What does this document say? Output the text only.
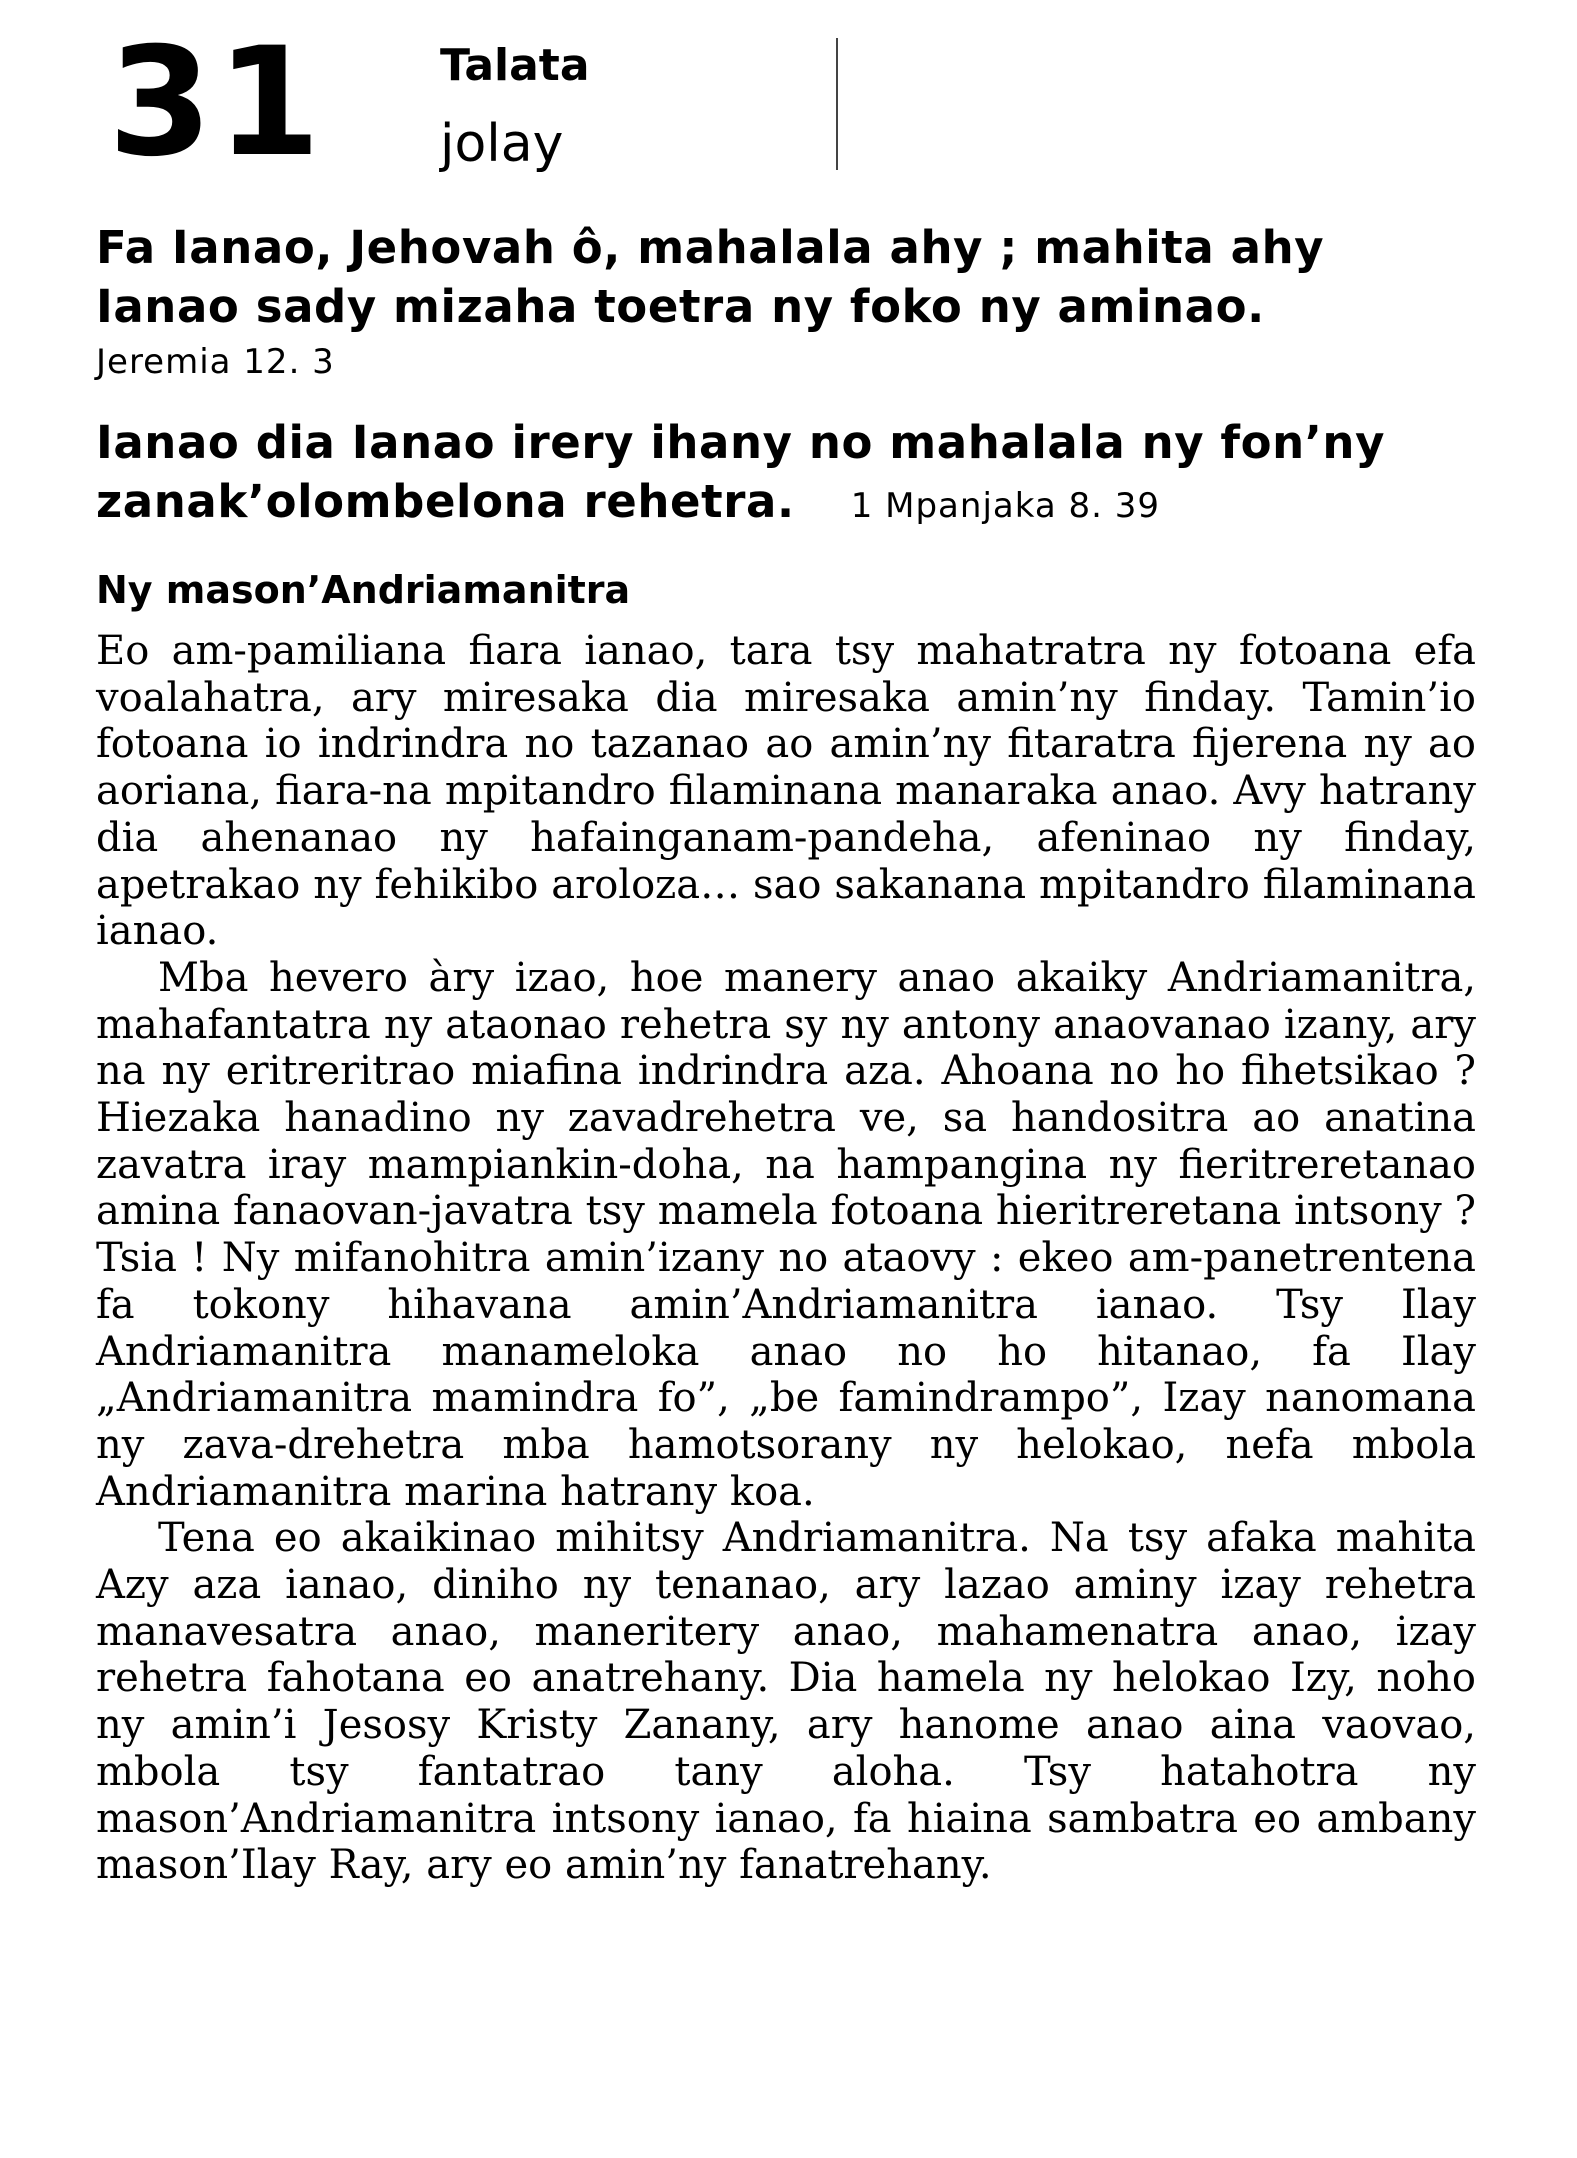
31	Talata
jolay
Fa Ianao, Jehovah ô, mahalala ahy ; mahita ahy Ianao sady mizaha toetra ny foko ny aminao.
Jeremia 12. 3
Ianao dia Ianao irery ihany no mahalala ny fon’ny zanak’olombelona rehetra. 1 Mpanjaka 8. 39
Ny mason’Andriamanitra

Eo am-pamiliana fiara ianao, tara tsy mahatratra ny fotoana efa voalahatra, ary miresaka dia miresaka amin’ny finday. Tamin’io fotoana io indrindra no tazanao ao amin’ny fitaratra fijerena ny ao aoriana, fiara-na mpitandro filaminana manaraka anao. Avy hatrany dia ahenanao ny hafainganam-pandeha, afeninao ny finday, apetrakao ny fehikibo aroloza… sao sakanana mpitandro filaminana ianao.

Mba hevero àry izao, hoe manery anao akaiky Andriamanitra, mahafantatra ny ataonao rehetra sy ny antony anaovanao izany, ary na ny eritreritrao miafina indrindra aza. Ahoana no ho fihetsikao ? Hiezaka hanadino ny zavadrehetra ve, sa handositra ao anatina zavatra iray mampiankin-doha, na hampangina ny fieritreretanao amina fanaovan-javatra tsy mamela fotoana hieritreretana intsony ? Tsia ! Ny mifanohitra amin’izany no ataovy : ekeo am-panetrentena fa tokony hihavana amin’Andriamanitra ianao. Tsy Ilay Andriamanitra manameloka anao no ho hitanao, fa Ilay „Andriamanitra mamindra fo”, „be famindrampo”, Izay nanomana ny zava-drehetra mba hamotsorany ny helokao, nefa mbola Andriamanitra marina hatrany koa.

Tena eo akaikinao mihitsy Andriamanitra. Na tsy afaka mahita Azy aza ianao, diniho ny tenanao, ary lazao aminy izay rehetra manavesatra anao, maneritery anao, mahamenatra anao, izay rehetra fahotana eo anatrehany. Dia hamela ny helokao Izy, noho ny amin’i Jesosy Kristy Zanany, ary hanome anao aina vaovao, mbola tsy fantatrao tany aloha. Tsy hatahotra ny mason’Andriamanitra intsony ianao, fa hiaina sambatra eo ambany mason’Ilay Ray, ary eo amin’ny fanatrehany.
